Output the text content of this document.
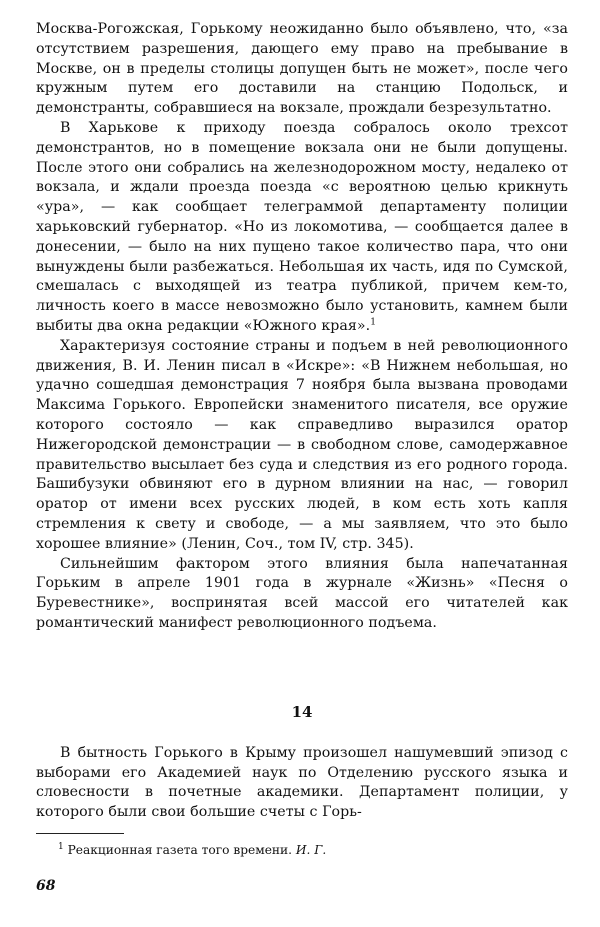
Москва-Рогожская, Горькому неожиданно было объявлено, что, «за отсутствием разрешения, дающего ему право на пребывание в Москве, он в пределы столицы допущен быть не может», после чего кружным путем его доставили на станцию Подольск, и демонстранты, собравшиеся на вокзале, прождали безрезультатно.

В Харькове к приходу поезда собралось около трехсот демонстрантов, но в помещение вокзала они не были допущены. После этого они собрались на железнодорожном мосту, недалеко от вокзала, и ждали проезда поезда «с вероятною целью крикнуть «ура», — как сообщает телеграммой департаменту полиции харьковский губернатор. «Но из локомотива, — сообщается далее в донесении, — было на них пущено такое количество пара, что они вынуждены были разбежаться. Небольшая их часть, идя по Сумской, смешалась с выходящей из театра публикой, причем кем-то, личность коего в массе невозможно было установить, камнем были выбиты два окна редакции «Южного края».$^1$

Характеризуя состояние страны и подъем в ней революционного движения, В. И. Ленин писал в «Искре»: «В Нижнем небольшая, но удачно сошедшая демонстрация 7 ноября была вызвана проводами Максима Горького. Европейски знаменитого писателя, все оружие которого состояло — как справедливо выразился оратор Нижегородской демонстрации — в свободном слове, самодержавное правительство высылает без суда и следствия из его родного города. Башибузуки обвиняют его в дурном влиянии на нас, — говорил оратор от имени всех русских людей, в ком есть хоть капля стремления к свету и свободе, — а мы заявляем, что это было хорошее влияние» (Ленин, Соч., том IV, стр. 345).

Сильнейшим фактором этого влияния была напечатанная Горьким в апреле 1901 года в журнале «Жизнь» «Песня о Буревестнике», воспринятая всей массой его читателей как романтический манифест революционного подъема.

14

В бытность Горького в Крыму произошел нашумевший эпизод с выборами его Академией наук по Отделению русского языка и словесности в почетные академики. Департамент полиции, у которого были свои большие счеты с Горь-

$^1$ Реакционная газета того времени. И. Г.
68
